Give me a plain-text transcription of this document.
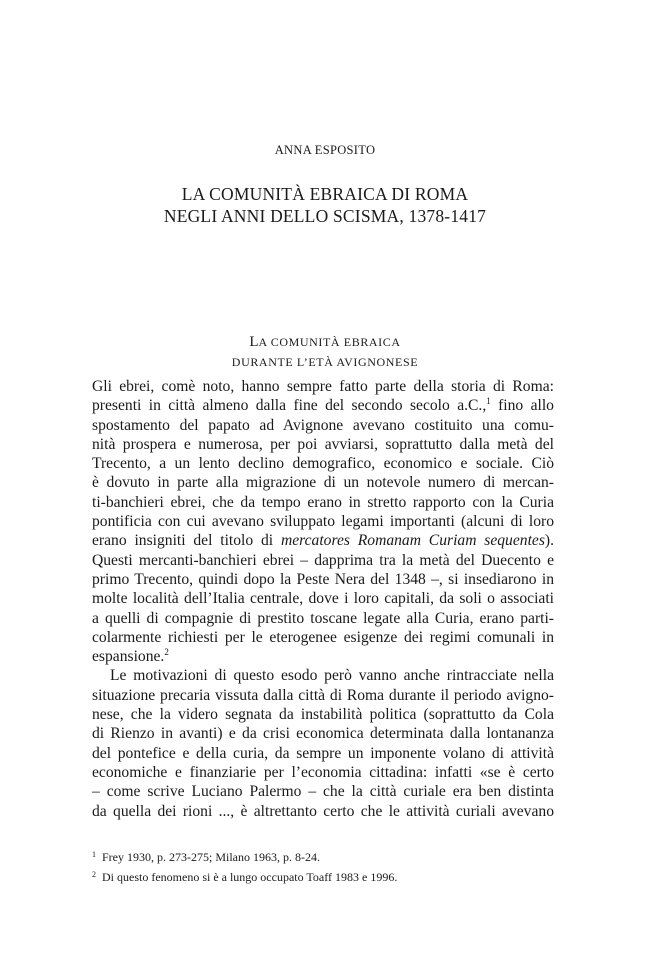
ANNA ESPOSITO
LA COMUNITÀ EBRAICA DI ROMA
NEGLI ANNI DELLO SCISMA, 1378-1417
LA COMUNITÀ EBRAICA
DURANTE L’ETÀ AVIGNONESE
Gli ebrei, comè noto, hanno sempre fatto parte della storia di Roma:
presenti in città almeno dalla fine del secondo secolo a.C.,$^1$ fino allo
spostamento del papato ad Avignone avevano costituito una comu-
nità prospera e numerosa, per poi avviarsi, soprattutto dalla metà del
Trecento, a un lento declino demografico, economico e sociale. Ciò
è dovuto in parte alla migrazione di un notevole numero di mercan-
ti-banchieri ebrei, che da tempo erano in stretto rapporto con la Curia
pontificia con cui avevano sviluppato legami importanti (alcuni di loro
erano insigniti del titolo di mercatores Romanam Curiam sequentes).
Questi mercanti-banchieri ebrei – dapprima tra la metà del Duecento e
primo Trecento, quindi dopo la Peste Nera del 1348 –, si insediarono in
molte località dell’Italia centrale, dove i loro capitali, da soli o associati
a quelli di compagnie di prestito toscane legate alla Curia, erano parti-
colarmente richiesti per le eterogenee esigenze dei regimi comunali in
espansione.$^2$
Le motivazioni di questo esodo però vanno anche rintracciate nella
situazione precaria vissuta dalla città di Roma durante il periodo avigno-
nese, che la videro segnata da instabilità politica (soprattutto da Cola
di Rienzo in avanti) e da crisi economica determinata dalla lontananza
del pontefice e della curia, da sempre un imponente volano di attività
economiche e finanziarie per l’economia cittadina: infatti «se è certo
– come scrive Luciano Palermo – che la città curiale era ben distinta
da quella dei rioni ..., è altrettanto certo che le attività curiali avevano
$^1$ Frey 1930, p. 273-275; Milano 1963, p. 8-24.
$^2$ Di questo fenomeno si è a lungo occupato Toaff 1983 e 1996.
